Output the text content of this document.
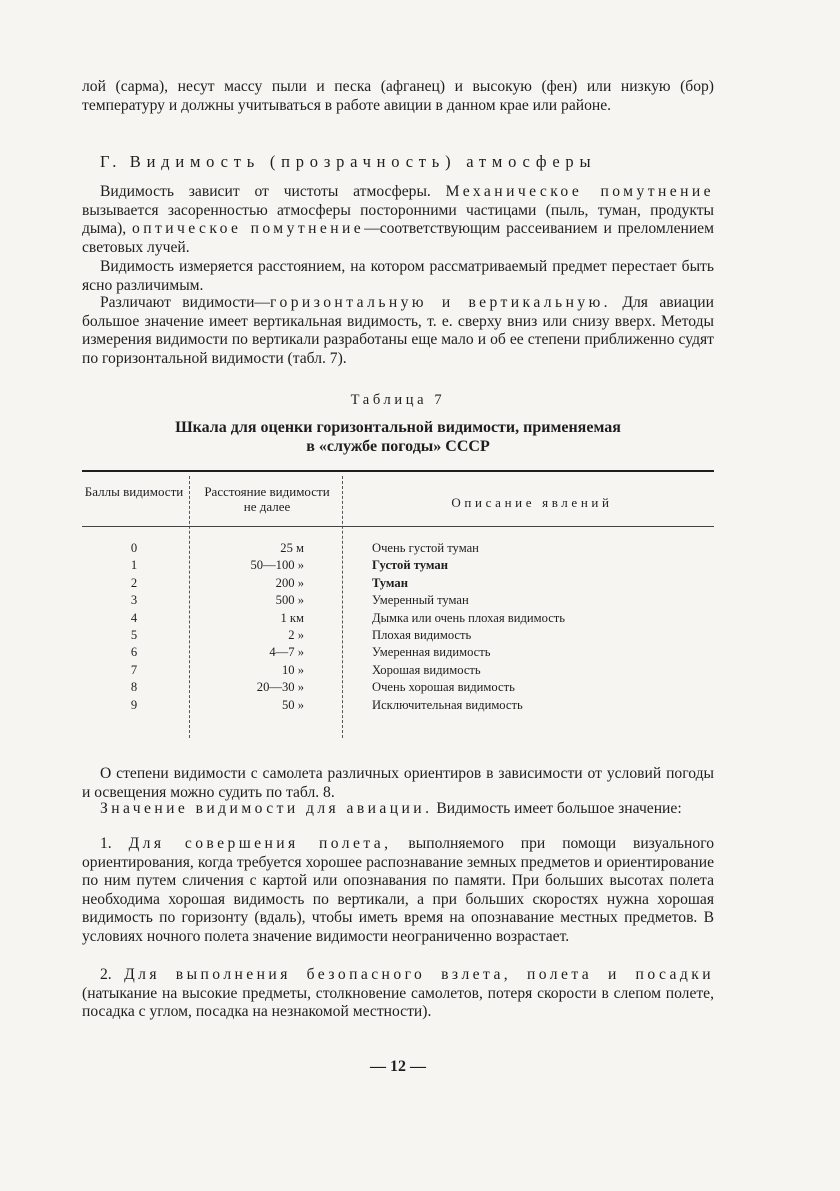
лой (сарма), несут массу пыли и песка (афганец) и высокую (фен) или низкую (бор) температуру и должны учитываться в работе авиции в данном крае или районе.

Г. Видимость (прозрачность) атмосферы

Видимость зависит от чистоты атмосферы. Механическое помутнение вызывается засоренностью атмосферы посторонними частицами (пыль, туман, продукты дыма), оптическое помутнение—соответствующим рассеиванием и преломлением световых лучей.

Видимость измеряется расстоянием, на котором рассматриваемый предмет перестает быть ясно различимым.

Различают видимости—горизонтальную и вертикальную. Для авиации большое значение имеет вертикальная видимость, т. е. сверху вниз или снизу вверх. Методы измерения видимости по вертикали разработаны еще мало и об ее степени приближенно судят по горизонтальной видимости (табл. 7).

Таблица 7
Шкала для оценки горизонтальной видимости, применяемая
в «службе погоды» СССР
Баллы видимости	Расстояние видимости не далее	Описание явлений
0	25 м	Очень густой туман
1	50—100 »	Густой туман
2	200 »	Туман
3	500 »	Умеренный туман
4	1 км	Дымка или очень плохая видимость
5	2 »	Плохая видимость
6	4—7 »	Умеренная видимость
7	10 »	Хорошая видимость
8	20—30 »	Очень хорошая видимость
9	50 »	Исключительная видимость

О степени видимости с самолета различных ориентиров в зависимости от условий погоды и освещения можно судить по табл. 8.

Значение видимости для авиации. Видимость имеет большое значение:

1. Для совершения полета, выполняемого при помощи визуального ориентирования, когда требуется хорошее распознавание земных предметов и ориентирование по ним путем сличения с картой или опознавания по памяти. При больших высотах полета необходима хорошая видимость по вертикали, а при больших скоростях нужна хорошая видимость по горизонту (вдаль), чтобы иметь время на опознавание местных предметов. В условиях ночного полета значение видимости неограниченно возрастает.

2. Для выполнения безопасного взлета, полета и посадки (натыкание на высокие предметы, столкновение самолетов, потеря скорости в слепом полете, посадка с углом, посадка на незнакомой местности).

— 12 —
